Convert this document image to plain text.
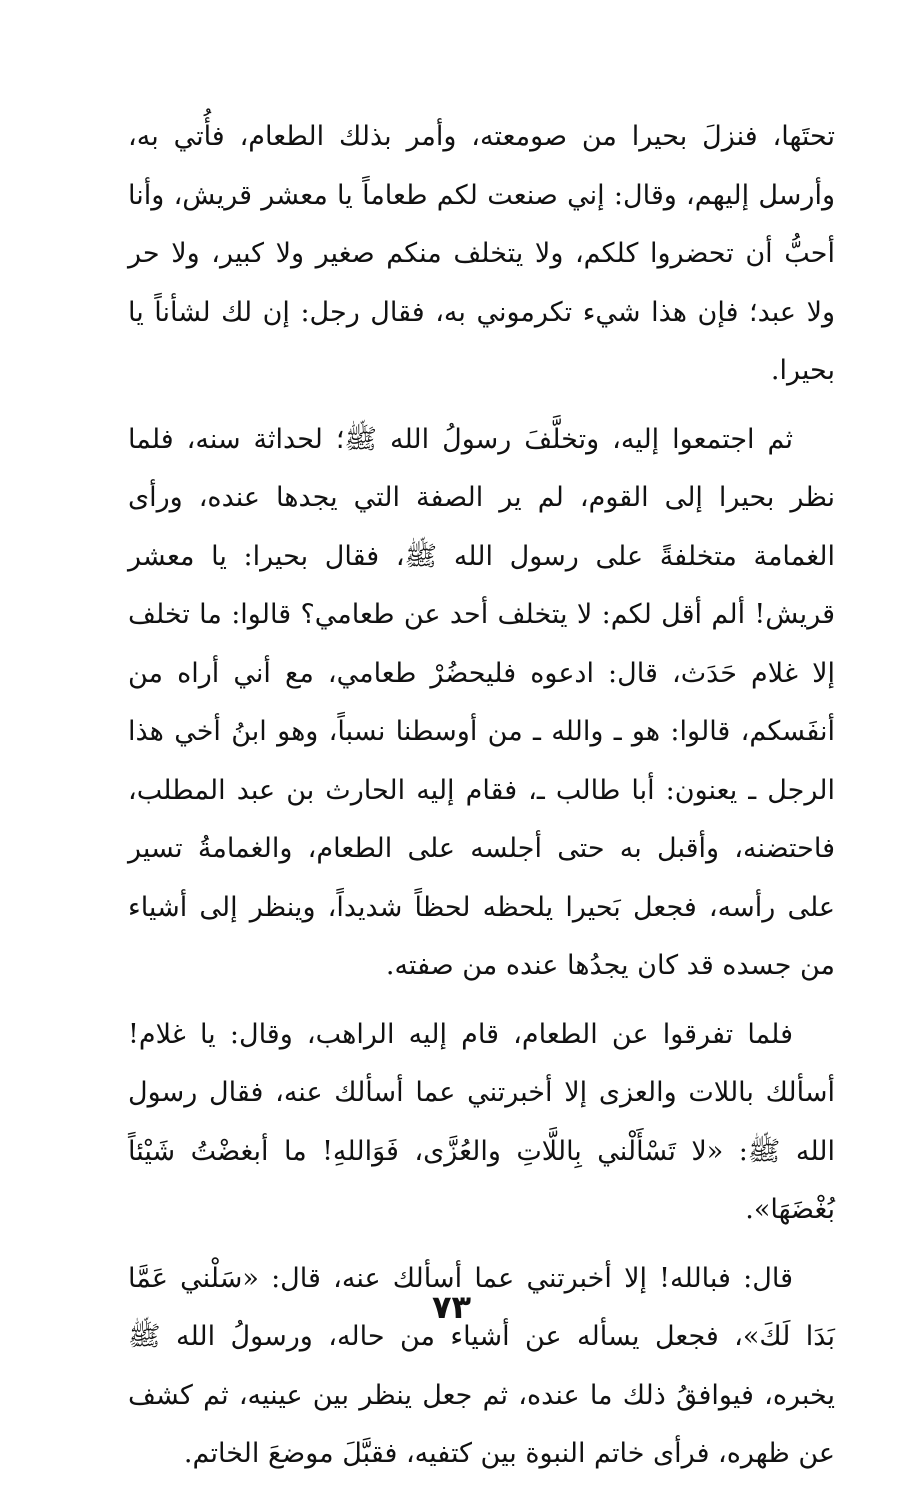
تحتَها، فنزلَ بحيرا من صومعته، وأمر بذلك الطعام، فأُتي به، وأرسل إليهم، وقال: إني صنعت لكم طعاماً يا معشر قريش، وأنا أحبُّ أن تحضروا كلكم، ولا يتخلف منكم صغير ولا كبير، ولا حر ولا عبد؛ فإن هذا شيء تكرموني به، فقال رجل: إن لك لشأناً يا بحيرا.

ثم اجتمعوا إليه، وتخلَّفَ رسولُ الله ﷺ؛ لحداثة سنه، فلما نظر بحيرا إلى القوم، لم ير الصفة التي يجدها عنده، ورأى الغمامة متخلفةً على رسول الله ﷺ، فقال بحيرا: يا معشر قريش! ألم أقل لكم: لا يتخلف أحد عن طعامي؟ قالوا: ما تخلف إلا غلام حَدَث، قال: ادعوه فليحضُرْ طعامي، مع أني أراه من أنفَسكم، قالوا: هو ـ والله ـ من أوسطنا نسباً، وهو ابنُ أخي هذا الرجل ـ يعنون: أبا طالب ـ، فقام إليه الحارث بن عبد المطلب، فاحتضنه، وأقبل به حتى أجلسه على الطعام، والغمامةُ تسير على رأسه، فجعل بَحيرا يلحظه لحظاً شديداً، وينظر إلى أشياء من جسده قد كان يجدُها عنده من صفته.

فلما تفرقوا عن الطعام، قام إليه الراهب، وقال: يا غلام! أسألك باللات والعزى إلا أخبرتني عما أسألك عنه، فقال رسول الله ﷺ: «لا تَسْأَلْني بِاللَّاتِ والعُزَّى، فَوَاللهِ! ما أبغضْتُ شَيْئاً بُغْضَهَا».

قال: فبالله! إلا أخبرتني عما أسألك عنه، قال: «سَلْني عَمَّا بَدَا لَكَ»، فجعل يسأله عن أشياء من حاله، ورسولُ الله ﷺ يخبره، فيوافقُ ذلك ما عنده، ثم جعل ينظر بين عينيه، ثم كشف عن ظهره، فرأى خاتم النبوة بين كتفيه، فقبَّلَ موضعَ الخاتم.

٧٣
